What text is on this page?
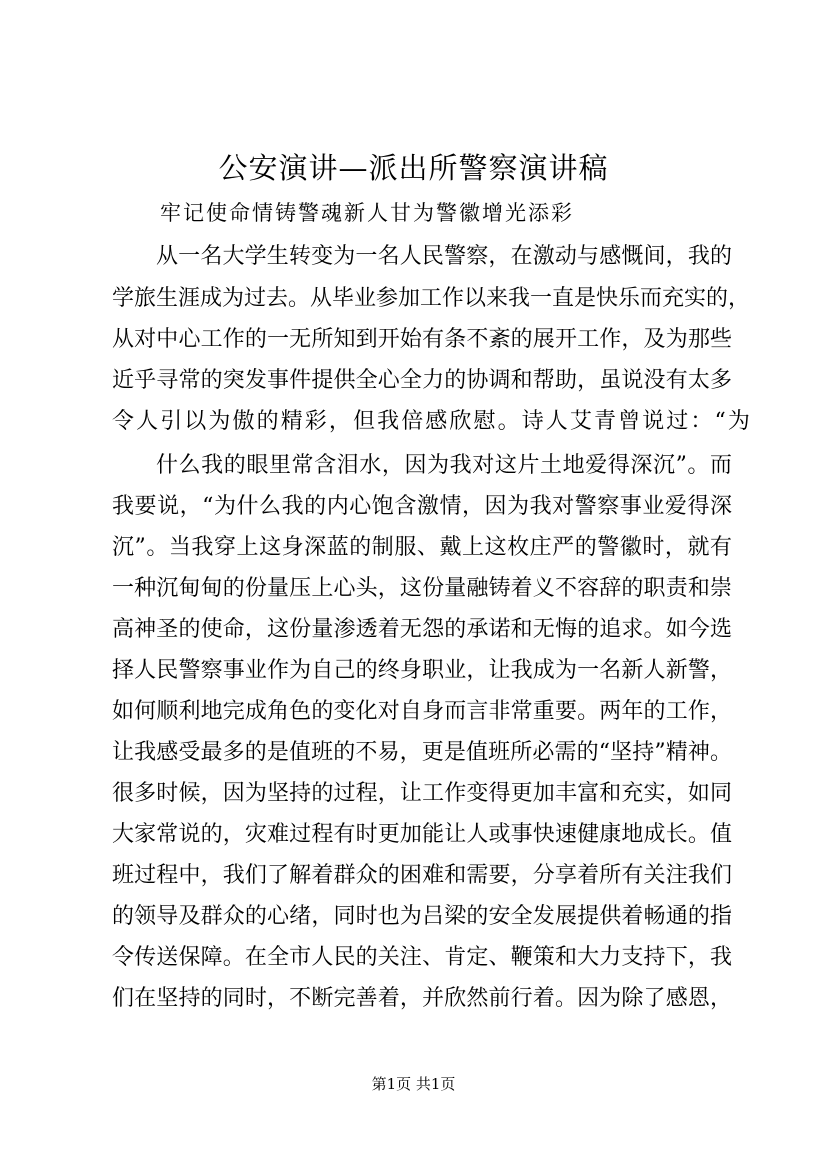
公安演讲—派出所警察演讲稿
牢记使命情铸警魂新人甘为警徽增光添彩
从一名大学生转变为一名人民警察，在激动与感慨间，我的
学旅生涯成为过去。从毕业参加工作以来我一直是快乐而充实的，
从对中心工作的一无所知到开始有条不紊的展开工作，及为那些
近乎寻常的突发事件提供全心全力的协调和帮助，虽说没有太多
令人引以为傲的精彩，但我倍感欣慰。诗人艾青曾说过：“为
什么我的眼里常含泪水，因为我对这片土地爱得深沉”。而
我要说，“为什么我的内心饱含激情，因为我对警察事业爱得深
沉”。当我穿上这身深蓝的制服、戴上这枚庄严的警徽时，就有
一种沉甸甸的份量压上心头，这份量融铸着义不容辞的职责和崇
高神圣的使命，这份量渗透着无怨的承诺和无悔的追求。如今选
择人民警察事业作为自己的终身职业，让我成为一名新人新警，
如何顺利地完成角色的变化对自身而言非常重要。两年的工作，
让我感受最多的是值班的不易，更是值班所必需的“坚持”精神。
很多时候，因为坚持的过程，让工作变得更加丰富和充实，如同
大家常说的，灾难过程有时更加能让人或事快速健康地成长。值
班过程中，我们了解着群众的困难和需要，分享着所有关注我们
的领导及群众的心绪，同时也为吕梁的安全发展提供着畅通的指
令传送保障。在全市人民的关注、肯定、鞭策和大力支持下，我
们在坚持的同时，不断完善着，并欣然前行着。因为除了感恩，
第1页 共1页
